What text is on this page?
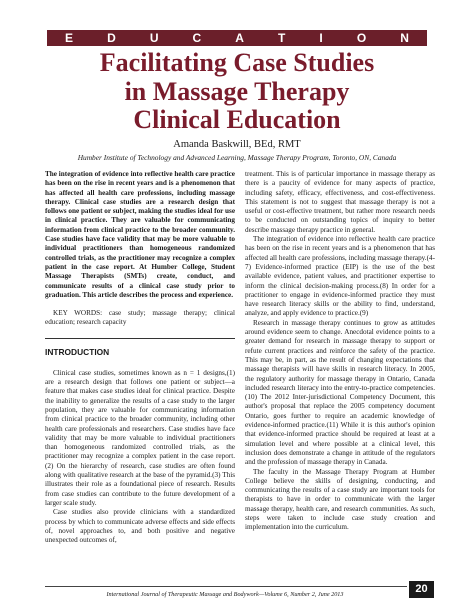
E	D	U	C	A	T	I	O	N
Facilitating Case Studies
in Massage Therapy
Clinical Education
Amanda Baskwill, BEd, RMT
Humber Institute of Technology and Advanced Learning, Massage Therapy Program, Toronto, ON, Canada

The integration of evidence into reflective health care practice has been on the rise in recent years and is a phenomenon that has affected all health care professions, including massage therapy. Clinical case studies are a research design that follows one patient or subject, making the studies ideal for use in clinical practice. They are valuable for communicating information from clinical practice to the broader community. Case studies have face validity that may be more valuable to individual practitioners than homogeneous randomized controlled trials, as the practitioner may recognize a complex patient in the case report. At Humber College, Student Massage Therapists (SMTs) create, conduct, and communicate results of a clinical case study prior to graduation. This article describes the process and experience.

KEY WORDS: case study; massage therapy; clinical education; research capacity

INTRODUCTION

Clinical case studies, sometimes known as n = 1 designs,(1) are a research design that follows one patient or subject—a feature that makes case studies ideal for clinical practice. Despite the inability to generalize the results of a case study to the larger population, they are valuable for communicating information from clinical practice to the broader community, including other health care professionals and researchers. Case studies have face validity that may be more valuable to individual practitioners than homogeneous randomized controlled trials, as the practitioner may recognize a complex patient in the case report.(2) On the hierarchy of research, case studies are often found along with qualitative research at the base of the pyramid.(3) This illustrates their role as a foundational piece of research. Results from case studies can contribute to the future development of a larger scale study.

Case studies also provide clinicians with a standardized process by which to communicate adverse effects and side effects of, novel approaches to, and both positive and negative unexpected outcomes of,

treatment. This is of particular importance in massage therapy as there is a paucity of evidence for many aspects of practice, including safety, efficacy, effectiveness, and cost-effectiveness. This statement is not to suggest that massage therapy is not a useful or cost-effective treatment, but rather more research needs to be conducted on outstanding topics of inquiry to better describe massage therapy practice in general.

The integration of evidence into reflective health care practice has been on the rise in recent years and is a phenomenon that has affected all health care professions, including massage therapy.(4-7) Evidence-informed practice (EIP) is the use of the best available evidence, patient values, and practitioner expertise to inform the clinical decision-making process.(8) In order for a practitioner to engage in evidence-informed practice they must have research literacy skills or the ability to find, understand, analyze, and apply evidence to practice.(9)

Research in massage therapy continues to grow as attitudes around evidence seem to change. Anecdotal evidence points to a greater demand for research in massage therapy to support or refute current practices and reinforce the safety of the practice. This may be, in part, as the result of changing expectations that massage therapists will have skills in research literacy. In 2005, the regulatory authority for massage therapy in Ontario, Canada included research literacy into the entry-to-practice competencies.(10) The 2012 Inter-jurisdictional Competency Document, this author's proposal that replace the 2005 competency document Ontario, goes further to require an academic knowledge of evidence-informed practice.(11) While it is this author's opinion that evidence-informed practice should be required at least at a simulation level and where possible at a clinical level, this inclusion does demonstrate a change in attitude of the regulators and the profession of massage therapy in Canada.

The faculty in the Massage Therapy Program at Humber College believe the skills of designing, conducting, and communicating the results of a case study are important tools for therapists to have in order to communicate with the larger massage therapy, health care, and research communities. As such, steps were taken to include case study creation and implementation into the curriculum.

International Journal of Therapeutic Massage and Bodywork—Volume 6, Number 2, June 2013	20
